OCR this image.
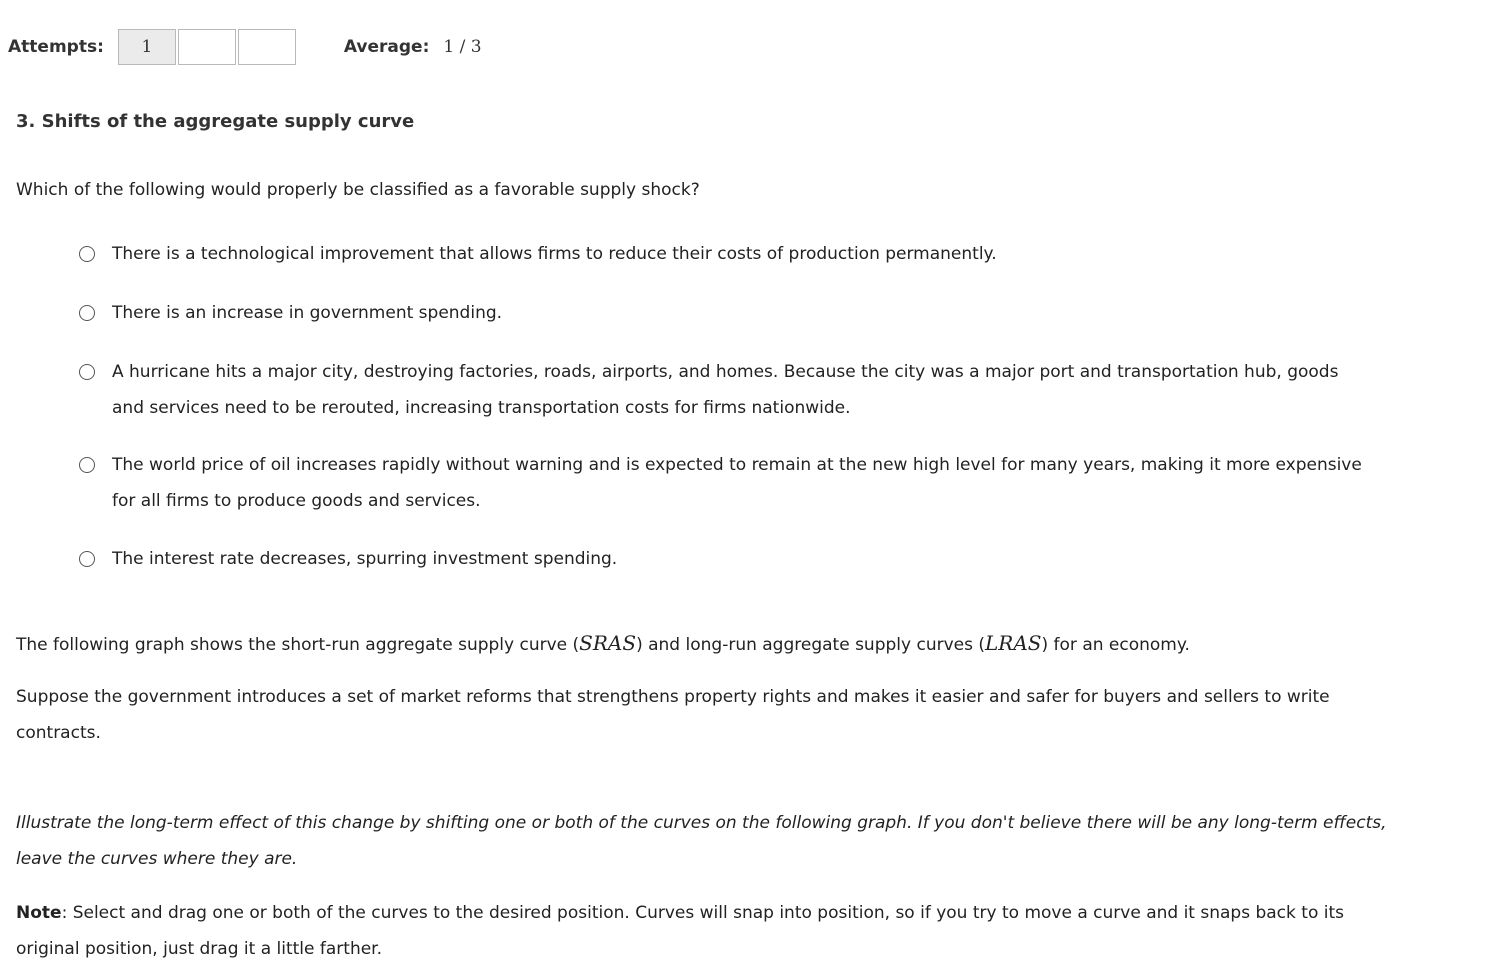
Attempts:	1	Average: 1 / 3
3. Shifts of the aggregate supply curve

Which of the following would properly be classified as a favorable supply shock?

There is a technological improvement that allows firms to reduce their costs of production permanently.
There is an increase in government spending.
A hurricane hits a major city, destroying factories, roads, airports, and homes. Because the city was a major port and transportation hub, goods and services need to be rerouted, increasing transportation costs for firms nationwide.
The world price of oil increases rapidly without warning and is expected to remain at the new high level for many years, making it more expensive for all firms to produce goods and services.
The interest rate decreases, spurring investment spending.

The following graph shows the short-run aggregate supply curve (SRAS) and long-run aggregate supply curves (LRAS) for an economy.

Suppose the government introduces a set of market reforms that strengthens property rights and makes it easier and safer for buyers and sellers to write contracts.

Illustrate the long-term effect of this change by shifting one or both of the curves on the following graph. If you don't believe there will be any long-term effects, leave the curves where they are.

Note: Select and drag one or both of the curves to the desired position. Curves will snap into position, so if you try to move a curve and it snaps back to its original position, just drag it a little farther.
